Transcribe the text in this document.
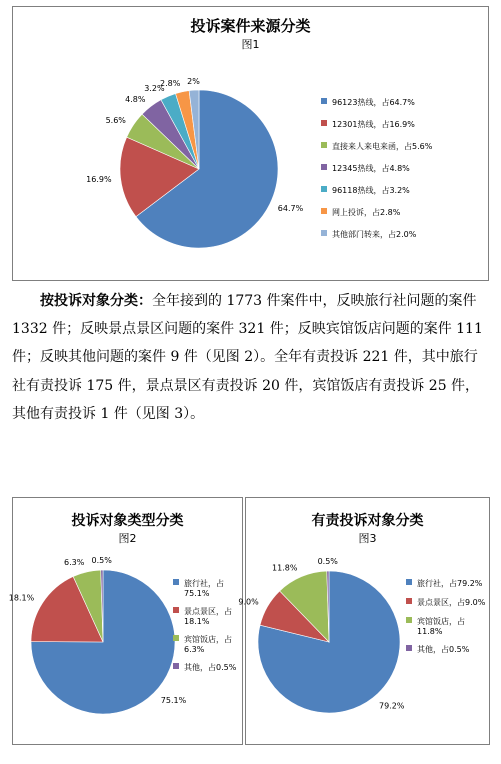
投诉案件来源分类
图1
64.7%
16.9%
5.6%
4.8%
3.2%
2.8% 2%
96123热线，占64.7%
12301热线，占16.9%
直接来人来电来函，占5.6%
12345热线，占4.8%
96118热线，占3.2%
网上投诉，占2.8%
其他部门转来，占2.0%
按投诉对象分类：全年接到的 1773 件案件中，反映旅行社问题的案件 1332 件；反映景点景区问题的案件 321 件；反映宾馆饭店问题的案件 111 件；反映其他问题的案件 9 件（见图 2）。全年有责投诉 221 件，其中旅行社有责投诉 175 件，景点景区有责投诉 20 件，宾馆饭店有责投诉 25 件，其他有责投诉 1 件（见图 3）。
投诉对象类型分类
图2
75.1%
18.1%
6.3% 0.5%
旅行社，占75.1%
景点景区，占18.1%
宾馆饭店，占6.3%
其他，占0.5%
有责投诉对象分类
图3
79.2%
9.0%
11.8%
0.5%
旅行社，占79.2%
景点景区，占9.0%
宾馆饭店，占11.8%
其他，占0.5%
